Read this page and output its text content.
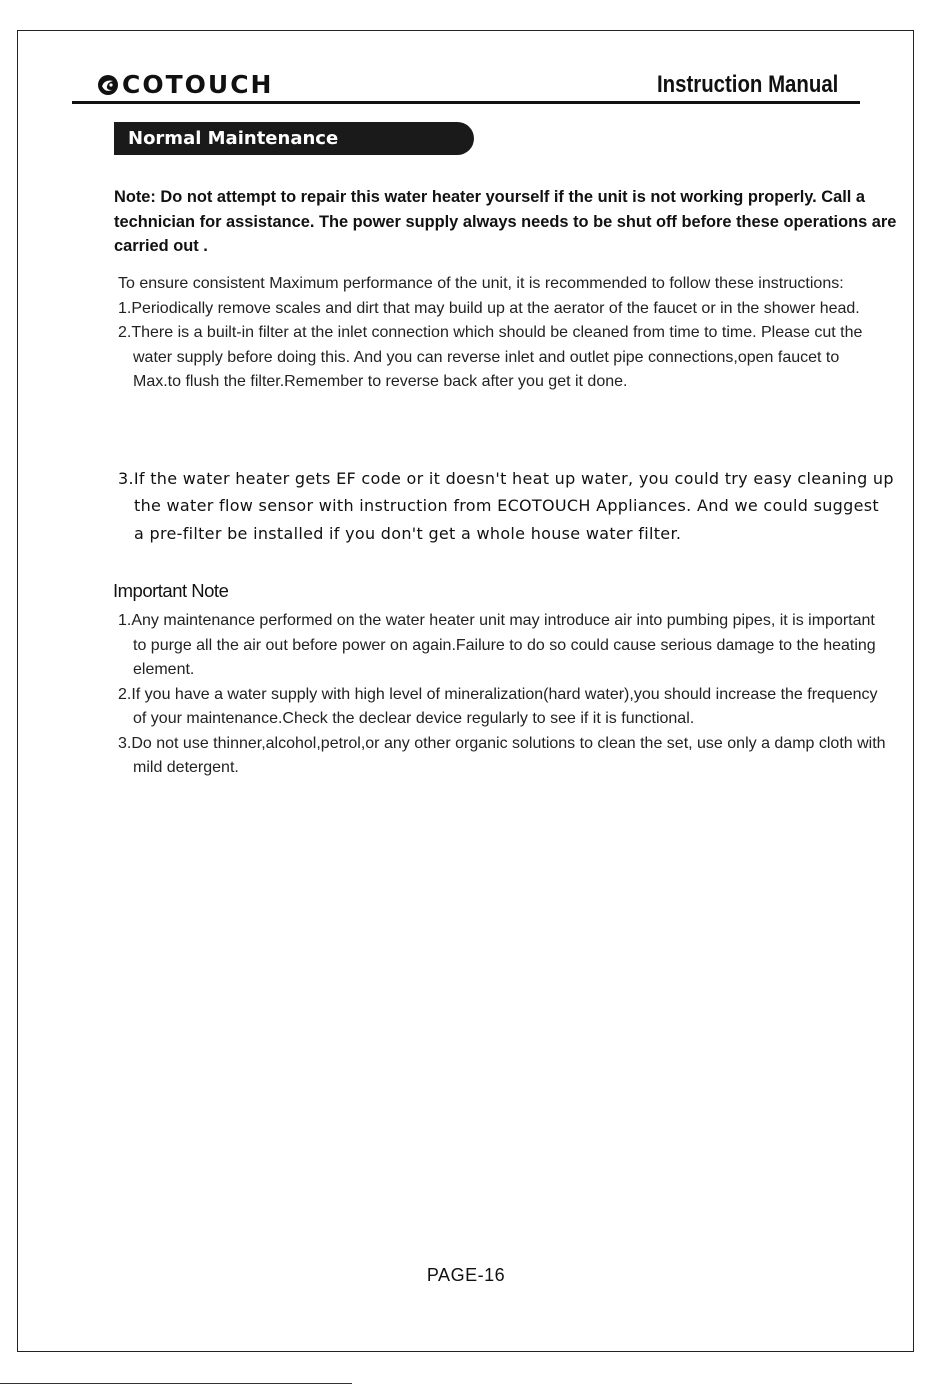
COTOUCH	Instruction Manual
Normal Maintenance
Note: Do not attempt to repair this water heater yourself if the unit is not working properly. Call a technician for assistance. The power supply always needs to be shut off before these operations are carried out .
To ensure consistent Maximum performance of the unit, it is recommended to follow these instructions:
1.Periodically remove scales and dirt that may build up at the aerator of the faucet or in the shower head.
2.There is a built-in filter at the inlet connection which should be cleaned from time to time. Please cut the water supply before doing this. And you can reverse inlet and outlet pipe connections,open faucet to Max.to flush the filter.Remember to reverse back after you get it done.
3.If the water heater gets EF code or it doesn't heat up water, you could try easy cleaning up the water flow sensor with instruction from ECOTOUCH Appliances. And we could suggest a pre-filter be installed if you don't get a whole house water filter.
Important Note
1.Any maintenance performed on the water heater unit may introduce air into pumbing pipes, it is important to purge all the air out before power on again.Failure to do so could cause serious damage to the heating element.
2.If you have a water supply with high level of mineralization(hard water),you should increase the frequency of your maintenance.Check the declear device regularly to see if it is functional.
3.Do not use thinner,alcohol,petrol,or any other organic solutions to clean the set, use only a damp cloth with mild detergent.
PAGE-16
